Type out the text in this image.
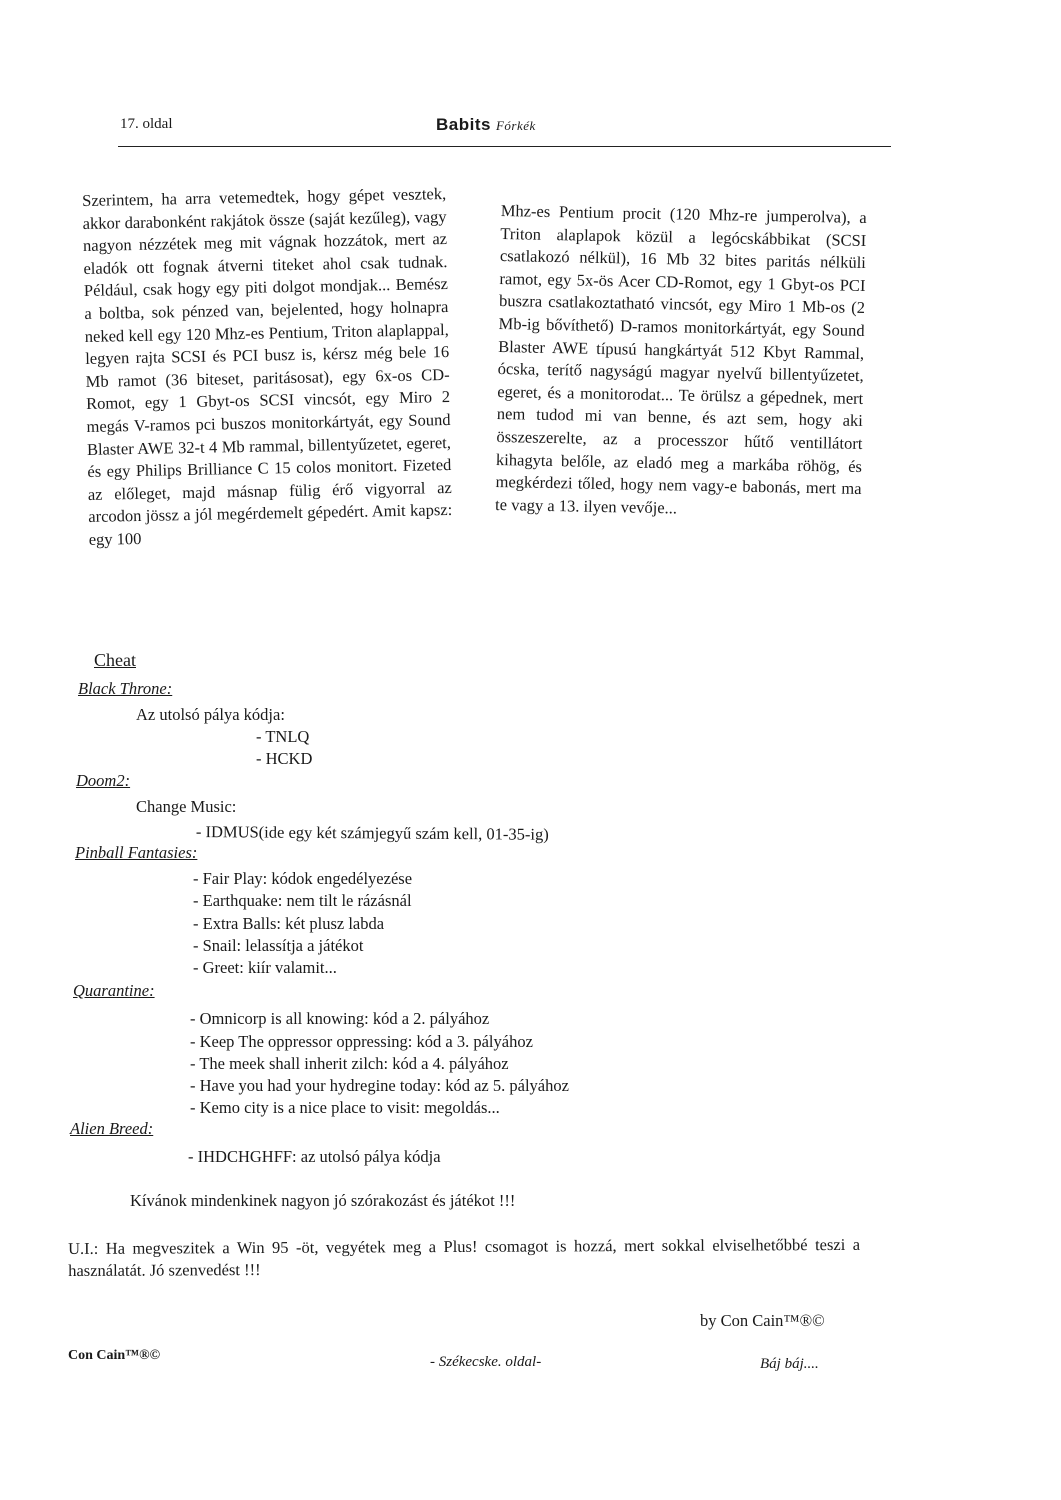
17. oldal	Babits Fórkék

Szerintem, ha arra vetemedtek, hogy gépet vesztek, akkor darabonként rakjátok össze (saját kezűleg), vagy nagyon nézzétek meg mit vágnak hozzátok, mert az eladók ott fognak átverni titeket ahol csak tudnak. Például, csak hogy egy piti dolgot mondjak... Bemész a boltba, sok pénzed van, bejelented, hogy holnapra neked kell egy 120 Mhz-es Pentium, Triton alaplappal, legyen rajta SCSI és PCI busz is, kérsz még bele 16 Mb ramot (36 biteset, paritásosat), egy 6x-os CD-Romot, egy 1 Gbyt-os SCSI vincsót, egy Miro 2 megás V-ramos pci buszos monitorkártyát, egy Sound Blaster AWE 32-t 4 Mb rammal, billentyűzetet, egeret, és egy Philips Brilliance C 15 colos monitort. Fizeted az előleget, majd másnap fülig érő vigyorral az arcodon jössz a jól megérdemelt gépedért. Amit kapsz: egy 100

Mhz-es Pentium procit (120 Mhz-re jumperolva), a Triton alaplapok közül a legócskábbikat (SCSI csatlakozó nélkül), 16 Mb 32 bites paritás nélküli ramot, egy 5x-ös Acer CD-Romot, egy 1 Gbyt-os PCI buszra csatlakoztatható vincsót, egy Miro 1 Mb-os (2 Mb-ig bővíthető) D-ramos monitorkártyát, egy Sound Blaster AWE típusú hangkártyát 512 Kbyt Rammal, ócska, terítő nagyságú magyar nyelvű billentyűzetet, egeret, és a monitorodat... Te örülsz a gépednek, mert nem tudod mi van benne, és azt sem, hogy aki összeszerelte, az a processzor hűtő ventillátort kihagyta belőle, az eladó meg a markába röhög, és megkérdezi tőled, hogy nem vagy-e babonás, mert ma te vagy a 13. ilyen vevője...

Cheat
Black Throne:
Az utolsó pálya kódja:
- TNLQ
- HCKD
Doom2:
Change Music:
- IDMUS(ide egy két számjegyű szám kell, 01-35-ig)
Pinball Fantasies:
- Fair Play: kódok engedélyezése
- Earthquake: nem tilt le rázásnál
- Extra Balls: két plusz labda
- Snail: lelassítja a játékot
- Greet: kiír valamit...
Quarantine:
- Omnicorp is all knowing: kód a 2. pályához
- Keep The oppressor oppressing: kód a 3. pályához
- The meek shall inherit zilch: kód a 4. pályához
- Have you had your hydregine today: kód az 5. pályához
- Kemo city is a nice place to visit: megoldás...
Alien Breed:
- IHDCHGHFF: az utolsó pálya kódja
Kívánok mindenkinek nagyon jó szórakozást és játékot !!!
U.I.: Ha megveszitek a Win 95 -öt, vegyétek meg a Plus! csomagot is hozzá, mert sokkal elviselhetőbbé teszi a használatát. Jó szenvedést !!!
by Con Cain™®©
Con Cain™®©	- Székecske. oldal-	Báj báj....
